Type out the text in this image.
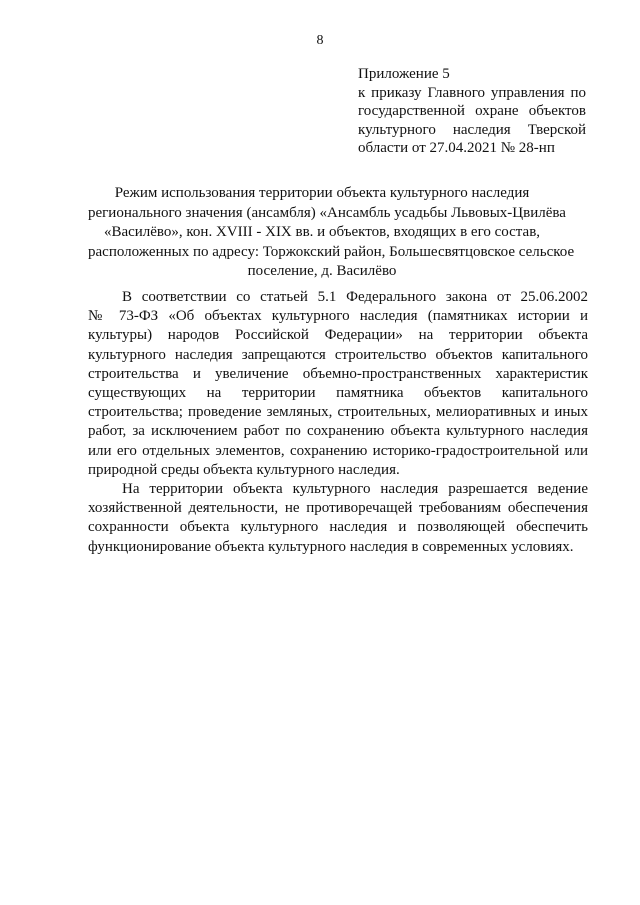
8
Приложение 5
к приказу Главного управления по
государственной охране объектов
культурного наследия Тверской
области от 27.04.2021 № 28-нп
Режим использования территории объекта культурного наследия
регионального значения (ансамбля) «Ансамбль усадьбы Львовых-Цвилёва
«Василёво», кон. XVIII - XIX вв. и объектов, входящих в его состав,
расположенных по адресу: Торжокский район, Большесвятцовское сельское
поселение, д. Василёво
В соответствии со статьей 5.1 Федерального закона от 25.06.2002
№ 73-ФЗ «Об объектах культурного наследия (памятниках истории и
культуры) народов Российской Федерации» на территории объекта
культурного наследия запрещаются строительство объектов капитального
строительства и увеличение объемно-пространственных характеристик
существующих на территории памятника объектов капитального
строительства; проведение земляных, строительных, мелиоративных и иных
работ, за исключением работ по сохранению объекта культурного наследия
или его отдельных элементов, сохранению историко-градостроительной или
природной среды объекта культурного наследия.
На территории объекта культурного наследия разрешается ведение
хозяйственной деятельности, не противоречащей требованиям обеспечения
сохранности объекта культурного наследия и позволяющей обеспечить
функционирование объекта культурного наследия в современных условиях.
